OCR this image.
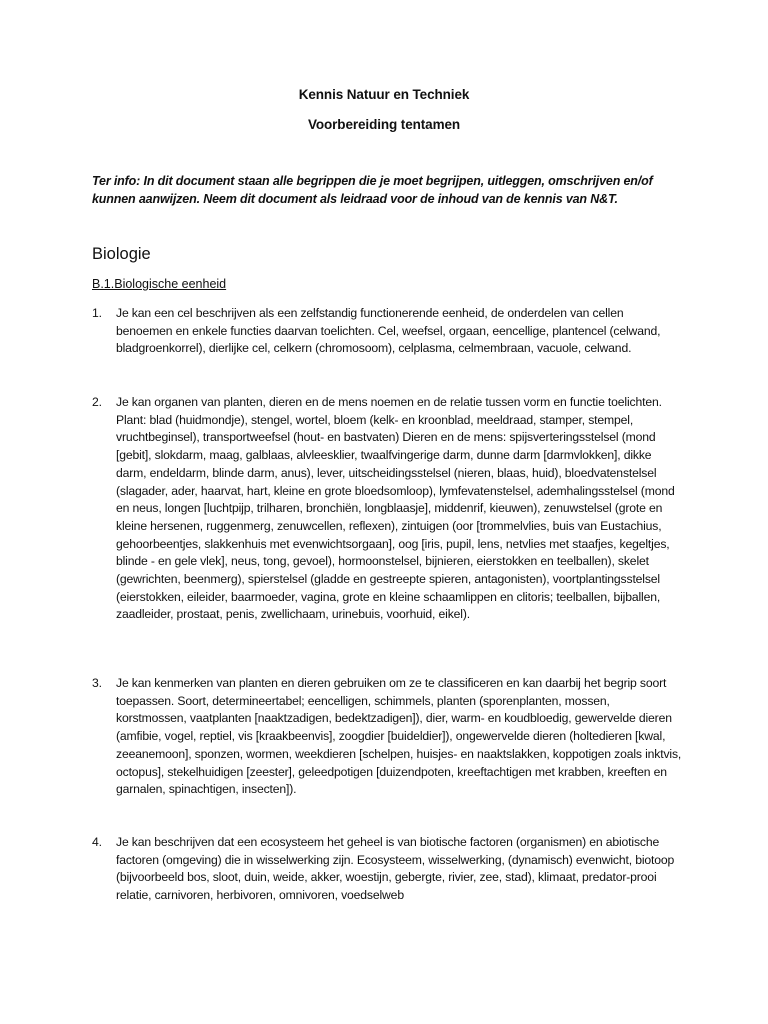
Kennis Natuur en Techniek
Voorbereiding tentamen
Ter info: In dit document staan alle begrippen die je moet begrijpen, uitleggen, omschrijven en/of kunnen aanwijzen. Neem dit document als leidraad voor de inhoud van de kennis van N&T.
Biologie
B.1.Biologische eenheid
1.	Je kan een cel beschrijven als een zelfstandig functionerende eenheid, de onderdelen van cellen benoemen en enkele functies daarvan toelichten. Cel, weefsel, orgaan, eencellige, plantencel (celwand, bladgroenkorrel), dierlijke cel, celkern (chromosoom), celplasma, celmembraan, vacuole, celwand.
2.	Je kan organen van planten, dieren en de mens noemen en de relatie tussen vorm en functie toelichten. Plant: blad (huidmondje), stengel, wortel, bloem (kelk- en kroonblad, meeldraad, stamper, stempel, vruchtbeginsel), transportweefsel (hout- en bastvaten) Dieren en de mens: spijsverteringsstelsel (mond [gebit], slokdarm, maag, galblaas, alvleesklier, twaalfvingerige darm, dunne darm [darmvlokken], dikke darm, endeldarm, blinde darm, anus), lever, uitscheidingsstelsel (nieren, blaas, huid), bloedvatenstelsel (slagader, ader, haarvat, hart, kleine en grote bloedsomloop), lymfevatenstelsel, ademhalingsstelsel (mond en neus, longen [luchtpijp, trilharen, bronchiën, longblaasje], middenrif, kieuwen), zenuwstelsel (grote en kleine hersenen, ruggenmerg, zenuwcellen, reflexen), zintuigen (oor [trommelvlies, buis van Eustachius, gehoorbeentjes, slakkenhuis met evenwichtsorgaan], oog [iris, pupil, lens, netvlies met staafjes, kegeltjes, blinde - en gele vlek], neus, tong, gevoel), hormoonstelsel, bijnieren, eierstokken en teelballen), skelet (gewrichten, beenmerg), spierstelsel (gladde en gestreepte spieren, antagonisten), voortplantingsstelsel (eierstokken, eileider, baarmoeder, vagina, grote en kleine schaamlippen en clitoris; teelballen, bijballen, zaadleider, prostaat, penis, zwellichaam, urinebuis, voorhuid, eikel).
3.	Je kan kenmerken van planten en dieren gebruiken om ze te classificeren en kan daarbij het begrip soort toepassen. Soort, determineertabel; eencelligen, schimmels, planten (sporenplanten, mossen, korstmossen, vaatplanten [naaktzadigen, bedektzadigen]), dier, warm- en koudbloedig, gewervelde dieren (amfibie, vogel, reptiel, vis [kraakbeenvis], zoogdier [buideldier]), ongewervelde dieren (holtedieren [kwal, zeeanemoon], sponzen, wormen, weekdieren [schelpen, huisjes- en naaktslakken, koppotigen zoals inktvis, octopus], stekelhuidigen [zeester], geleedpotigen [duizendpoten, kreeftachtigen met krabben, kreeften en garnalen, spinachtigen, insecten]).
4.	Je kan beschrijven dat een ecosysteem het geheel is van biotische factoren (organismen) en abiotische factoren (omgeving) die in wisselwerking zijn. Ecosysteem, wisselwerking, (dynamisch) evenwicht, biotoop (bijvoorbeeld bos, sloot, duin, weide, akker, woestijn, gebergte, rivier, zee, stad), klimaat, predator-prooi relatie, carnivoren, herbivoren, omnivoren, voedselweb
